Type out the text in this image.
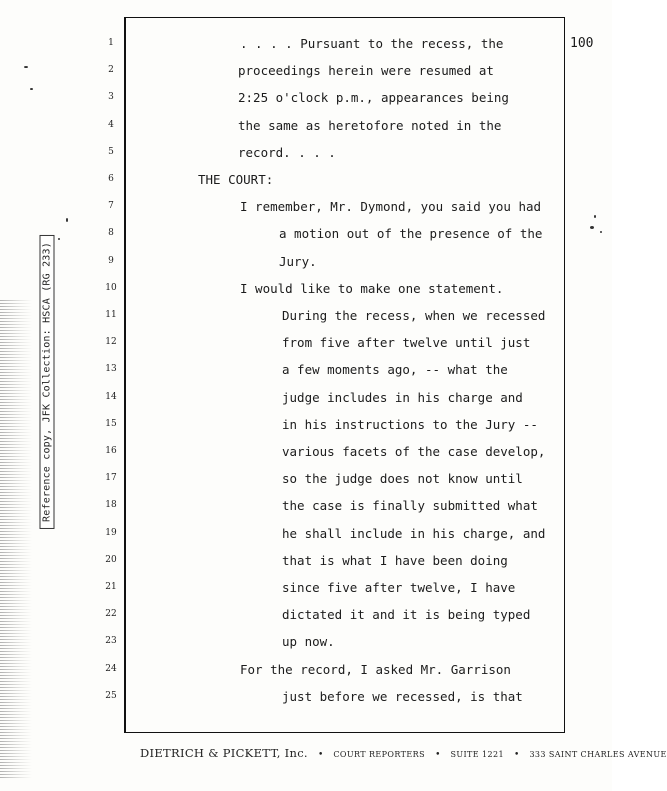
Reference copy, JFK Collection: HSCA (RG 233)
100
1
2
3
4
5
6
7
8
9
10
11
12
13
14
15
16
17
18
19
20
21
22
23
24
25
. . . . Pursuant to the recess, the
proceedings herein were resumed at
2:25 o'clock p.m., appearances being
the same as heretofore noted in the
record. . . .
THE COURT:
I remember, Mr. Dymond, you said you had
a motion out of the presence of the
Jury.
I would like to make one statement.
During the recess, when we recessed
from five after twelve until just
a few moments ago, -- what the
judge includes in his charge and
in his instructions to the Jury --
various facets of the case develop,
so the judge does not know until
the case is finally submitted what
he shall include in his charge, and
that is what I have been doing
since five after twelve, I have
dictated it and it is being typed
up now.
For the record, I asked Mr. Garrison
just before we recessed, is that
DIETRICH & PICKETT, Inc. • COURT REPORTERS • SUITE 1221 • 333 SAINT CHARLES AVENUE
